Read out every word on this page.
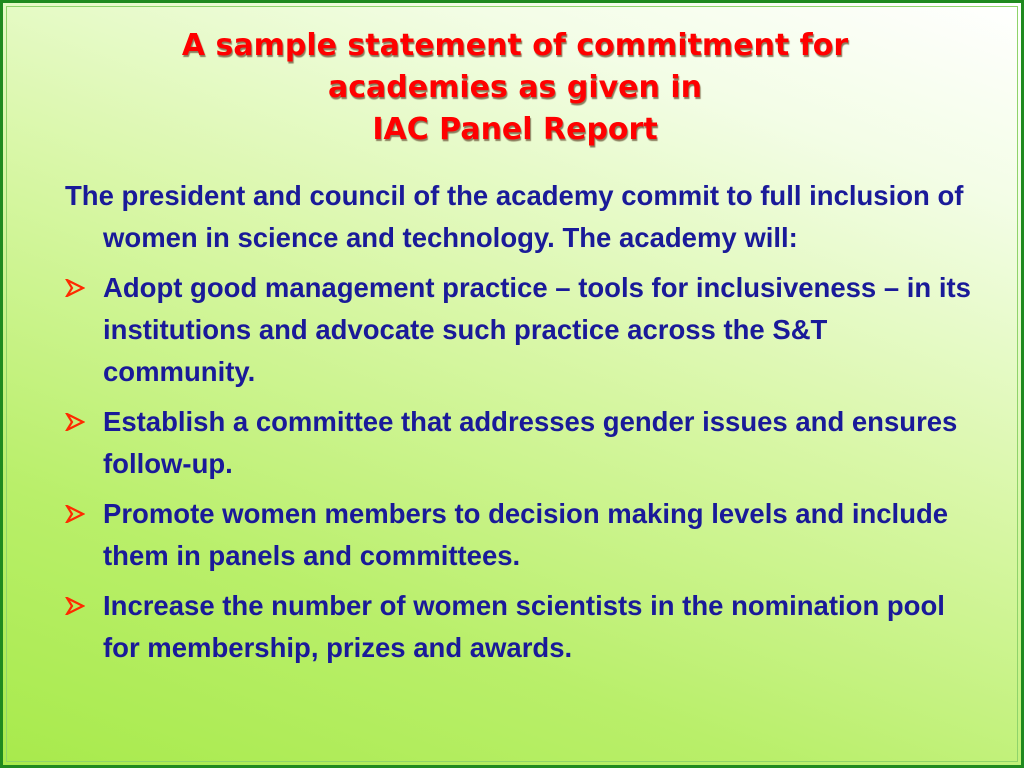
A sample statement of commitment for
academies as given in
IAC Panel Report
The president and council of the academy commit to full inclusion of women in science and technology. The academy will:
Adopt good management practice – tools for inclusiveness – in its institutions and advocate such practice across the S&T community.
Establish a committee that addresses gender issues and ensures follow-up.
Promote women members to decision making levels and include them in panels and committees.
Increase the number of women scientists in the nomination pool for membership, prizes and awards.
